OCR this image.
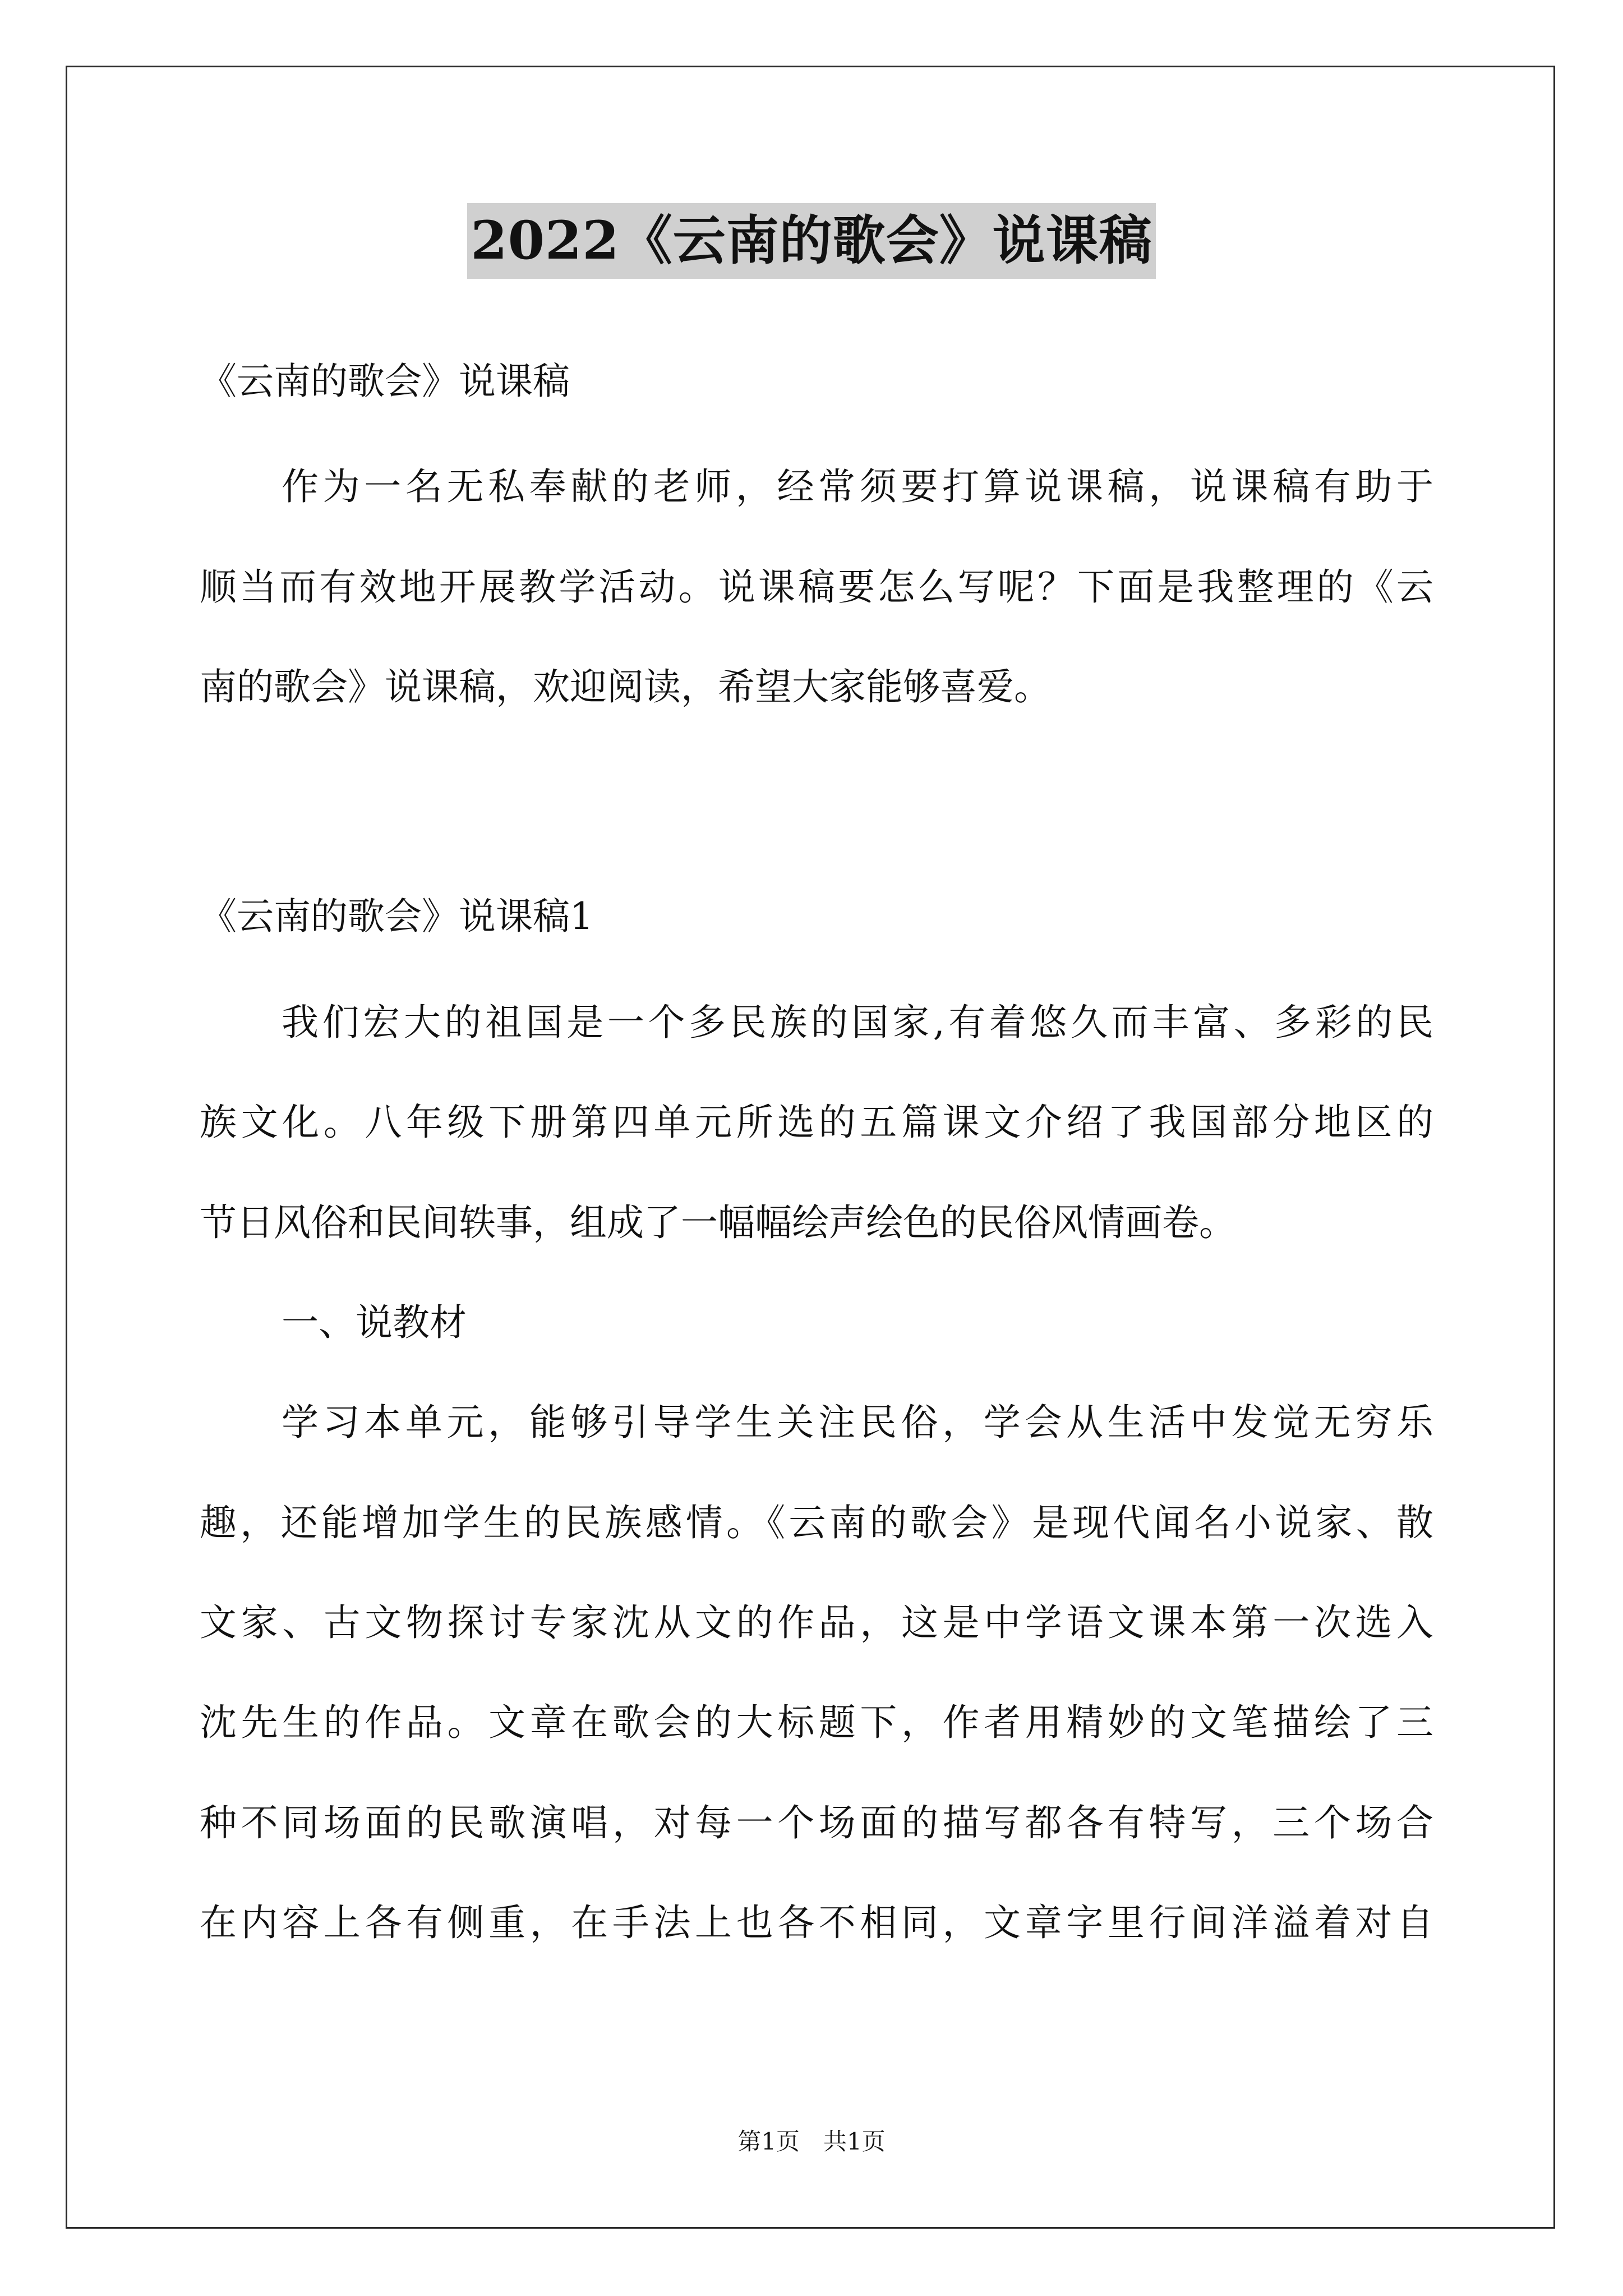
2022《云南的歌会》说课稿
《云南的歌会》说课稿
作为一名无私奉献的老师，经常须要打算说课稿，说课稿有助于
顺当而有效地开展教学活动。说课稿要怎么写呢？下面是我整理的《云
南的歌会》说课稿，欢迎阅读，希望大家能够喜爱。
《云南的歌会》说课稿1
我们宏大的祖国是一个多民族的国家,有着悠久而丰富、多彩的民
族文化。八年级下册第四单元所选的五篇课文介绍了我国部分地区的
节日风俗和民间轶事，组成了一幅幅绘声绘色的民俗风情画卷。
一、说教材
学习本单元，能够引导学生关注民俗，学会从生活中发觉无穷乐
趣，还能增加学生的民族感情。《云南的歌会》是现代闻名小说家、散
文家、古文物探讨专家沈从文的作品，这是中学语文课本第一次选入
沈先生的作品。文章在歌会的大标题下，作者用精妙的文笔描绘了三
种不同场面的民歌演唱，对每一个场面的描写都各有特写，三个场合
在内容上各有侧重，在手法上也各不相同，文章字里行间洋溢着对自
第1页　共1页
